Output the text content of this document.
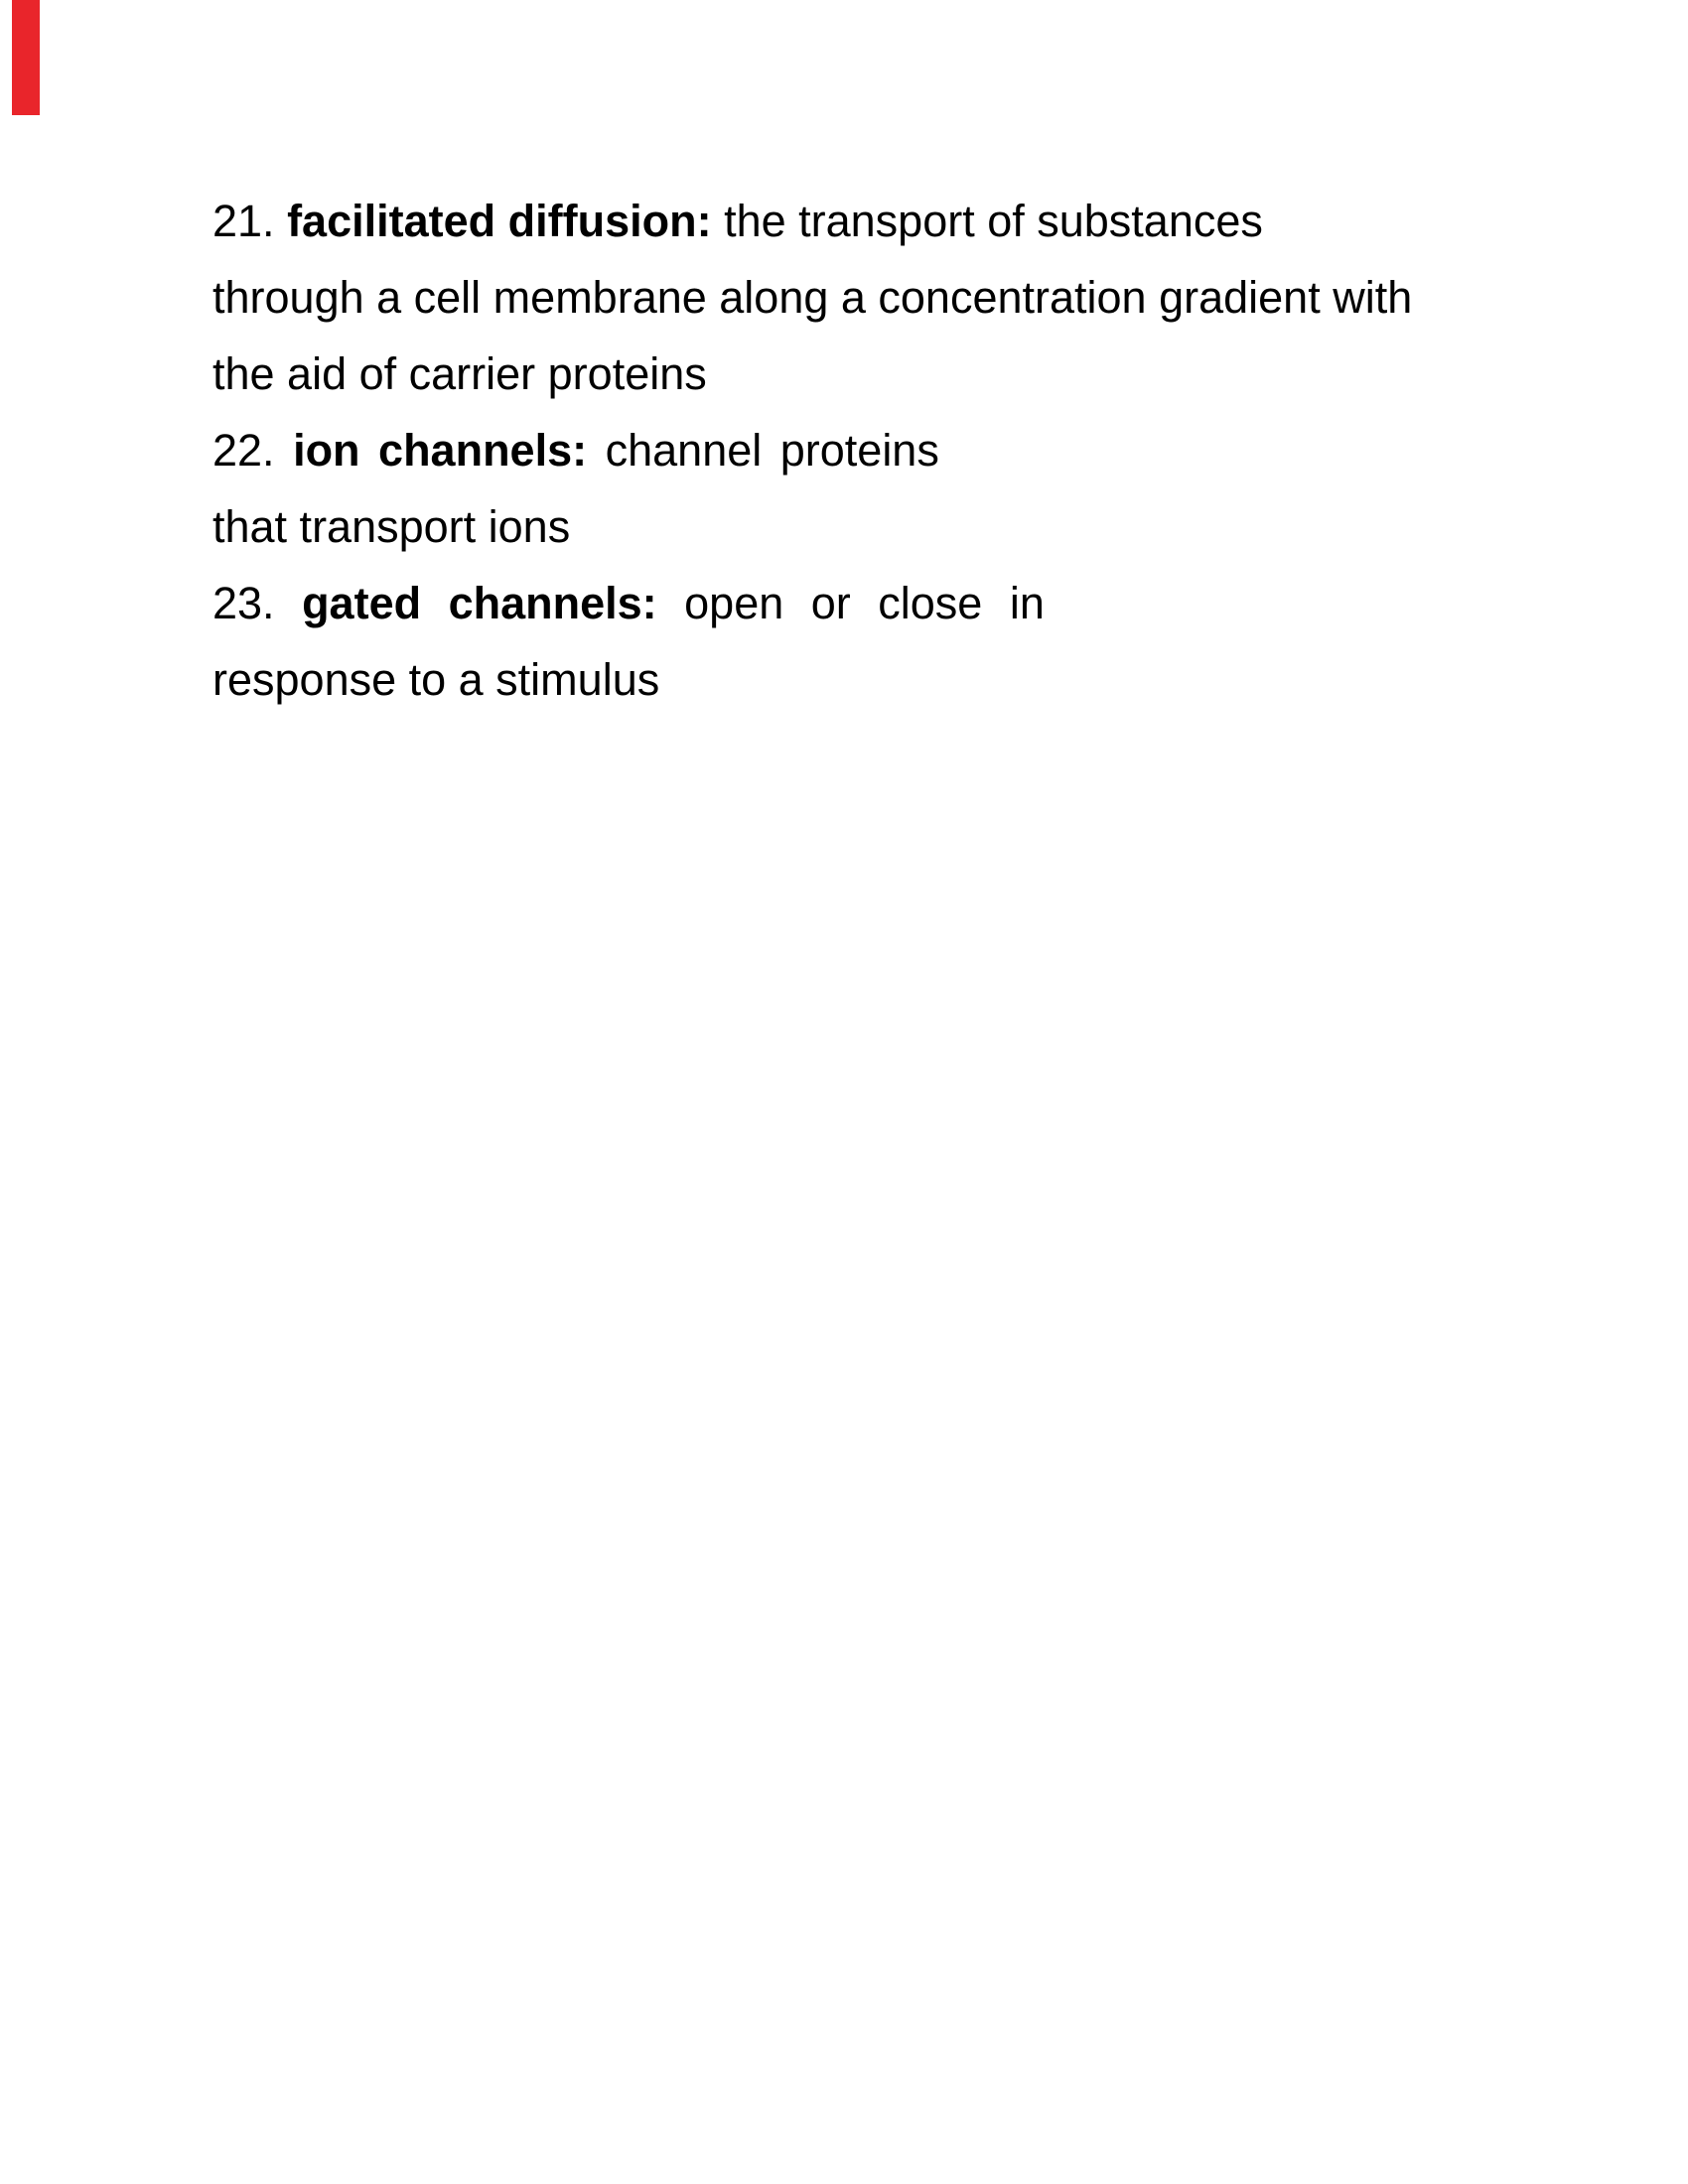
21. facilitated diffusion: the transport of substances
through a cell membrane along a concentration gradient with
the aid of carrier proteins
22. ion channels: channel proteins
that transport ions
23. gated channels: open or close in
response to a stimulus
